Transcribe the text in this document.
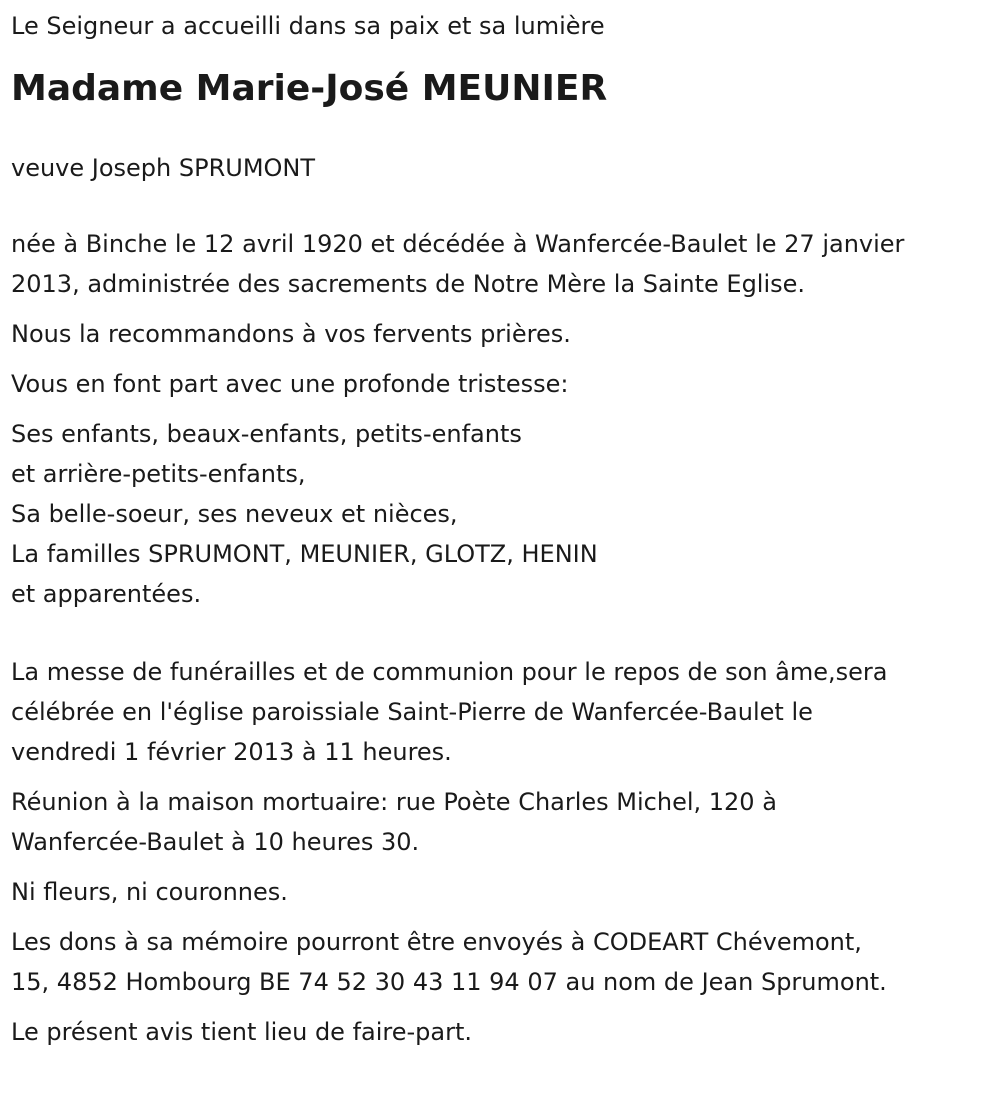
Le Seigneur a accueilli dans sa paix et sa lumière

Madame Marie-José MEUNIER

veuve Joseph SPRUMONT

née à Binche le 12 avril 1920 et décédée à Wanfercée-Baulet le 27 janvier

2013, administrée des sacrements de Notre Mère la Sainte Eglise.

Nous la recommandons à vos fervents prières.

Vous en font part avec une profonde tristesse:

Ses enfants, beaux-enfants, petits-enfants

et arrière-petits-enfants,

Sa belle-soeur, ses neveux et nièces,

La familles SPRUMONT, MEUNIER, GLOTZ, HENIN

et apparentées.

La messe de funérailles et de communion pour le repos de son âme,sera

célébrée en l'église paroissiale Saint-Pierre de Wanfercée-Baulet le

vendredi 1 février 2013 à 11 heures.

Réunion à la maison mortuaire: rue Poète Charles Michel, 120 à

Wanfercée-Baulet à 10 heures 30.

Ni fleurs, ni couronnes.

Les dons à sa mémoire pourront être envoyés à CODEART Chévemont,

15, 4852 Hombourg BE 74 52 30 43 11 94 07 au nom de Jean Sprumont.

Le présent avis tient lieu de faire-part.
